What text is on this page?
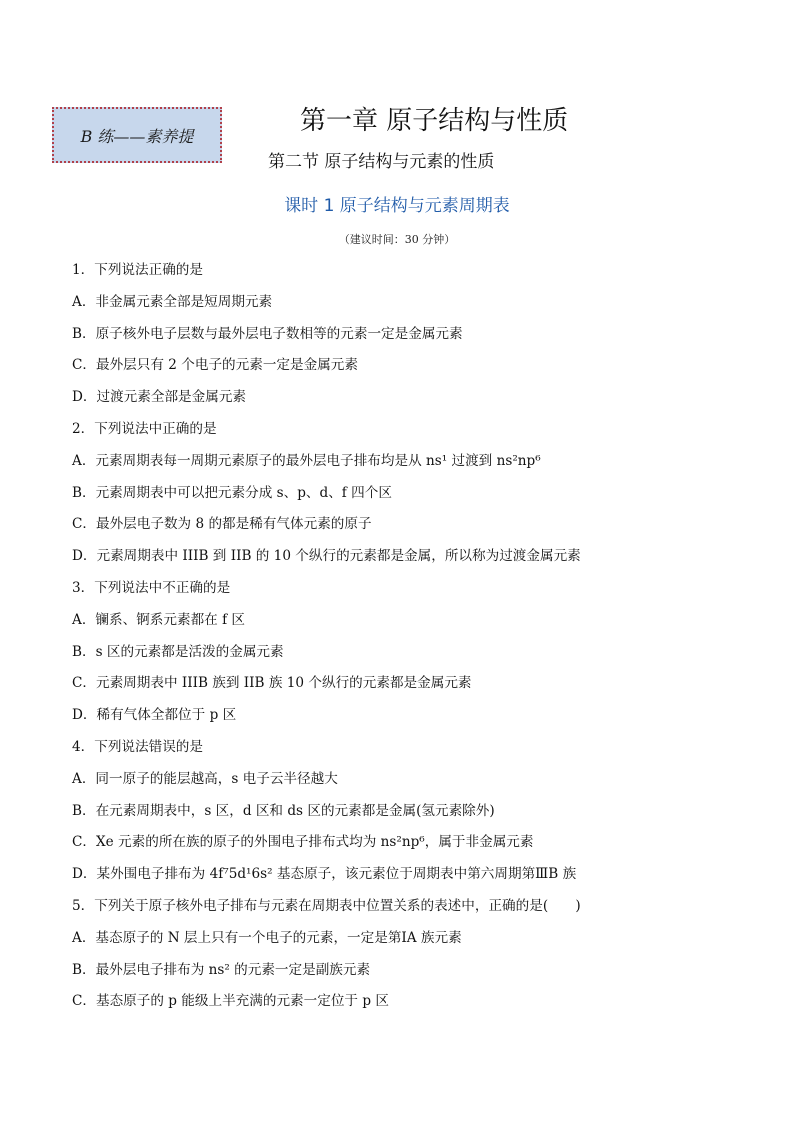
B 练——素养提	第一章 原子结构与性质
第二节 原子结构与元素的性质
课时 1 原子结构与元素周期表
（建议时间：30 分钟）
1．下列说法正确的是
A．非金属元素全部是短周期元素
B．原子核外电子层数与最外层电子数相等的元素一定是金属元素
C．最外层只有 2 个电子的元素一定是金属元素
D．过渡元素全部是金属元素
2．下列说法中正确的是
A．元素周期表每一周期元素原子的最外层电子排布均是从 ns¹ 过渡到 ns²np⁶
B．元素周期表中可以把元素分成 s、p、d、f 四个区
C．最外层电子数为 8 的都是稀有气体元素的原子
D．元素周期表中 IIIB 到 IIB 的 10 个纵行的元素都是金属，所以称为过渡金属元素
3．下列说法中不正确的是
A．镧系、锕系元素都在 f 区
B．s 区的元素都是活泼的金属元素
C．元素周期表中 IIIB 族到 IIB 族 10 个纵行的元素都是金属元素
D．稀有气体全都位于 p 区
4．下列说法错误的是
A．同一原子的能层越高，s 电子云半径越大
B．在元素周期表中，s 区，d 区和 ds 区的元素都是金属(氢元素除外)
C．Xe 元素的所在族的原子的外围电子排布式均为 ns²np⁶，属于非金属元素
D．某外围电子排布为 4f⁷5d¹6s² 基态原子，该元素位于周期表中第六周期第ⅢB 族
5．下列关于原子核外电子排布与元素在周期表中位置关系的表述中，正确的是(　　)
A．基态原子的 N 层上只有一个电子的元素，一定是第ⅠA 族元素
B．最外层电子排布为 ns² 的元素一定是副族元素
C．基态原子的 p 能级上半充满的元素一定位于 p 区
